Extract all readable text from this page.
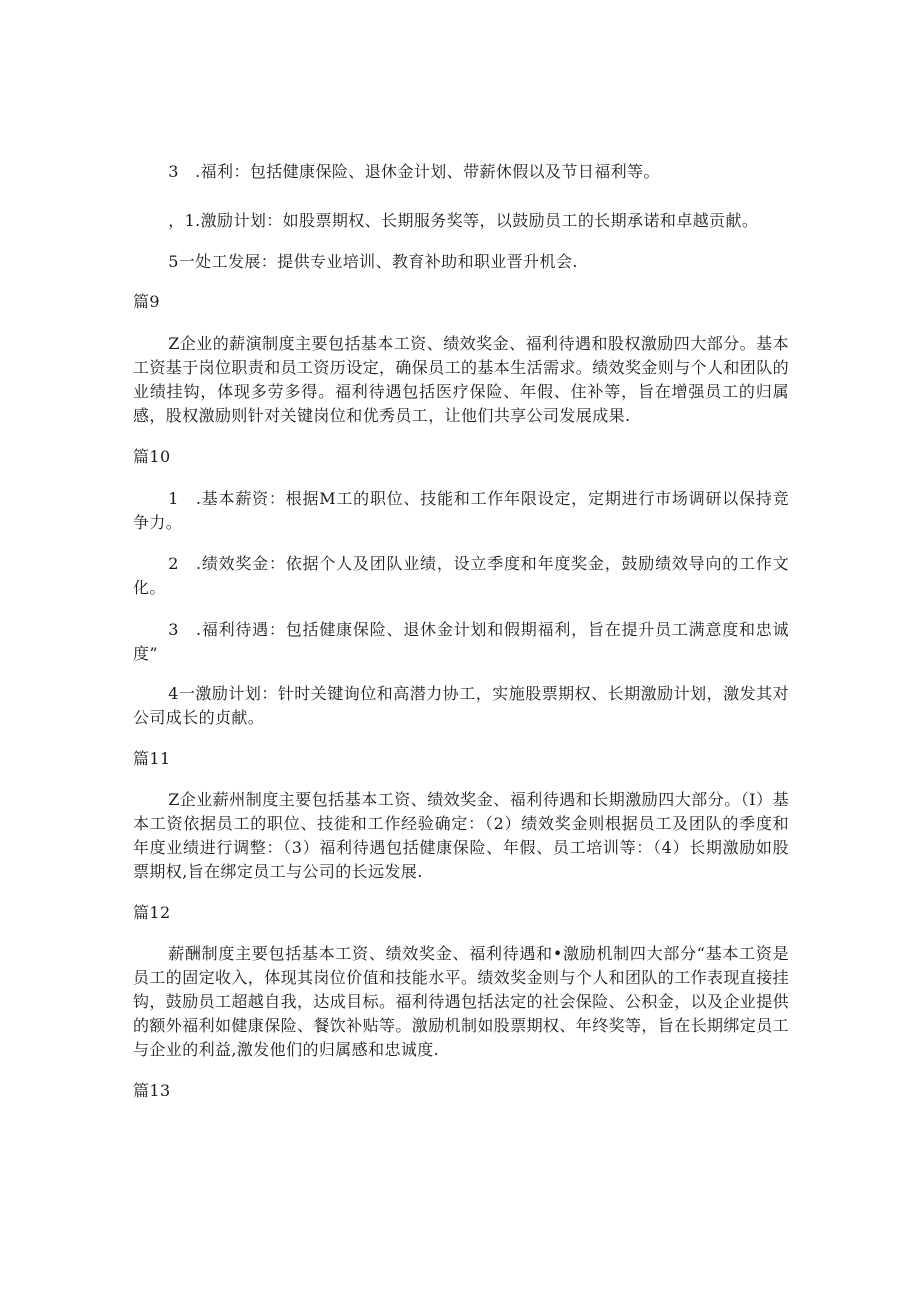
3　.福利：包括健康保险、退休金计划、带薪休假以及节日福利等。

，1.激励计划：如股票期权、长期服务奖等，以鼓励员工的长期承诺和卓越贡献。

5一处工发展：提供专业培训、教育补助和职业晋升机会.

篇9

Z企业的薪演制度主要包括基本工资、绩效奖金、福利待遇和股权激励四大部分。基本工资基于岗位职责和员工资历设定，确保员工的基本生活需求。绩效奖金则与个人和团队的业绩挂钩，体现多劳多得。福利待遇包括医疗保险、年假、住补等，旨在增强员工的归属感，股权激励则针对关键岗位和优秀员工，让他们共享公司发展成果.

篇10

1　.基本薪资：根据M工的职位、技能和工作年限设定，定期进行市场调研以保持竞争力。

2　.绩效奖金：依据个人及团队业绩，设立季度和年度奖金，鼓励绩效导向的工作文化。

3　.福利待遇：包括健康保险、退休金计划和假期福利，旨在提升员工满意度和忠诚度”

4一激励计划：针时关键询位和高潜力协工，实施股票期权、长期激励计划，激发其对公司成长的贞献。

篇11

Z企业薪州制度主要包括基本工资、绩效奖金、福利待遇和长期激励四大部分。（I）基本工资依据员工的职位、技徙和工作经验确定：（2）绩效奖金则根据员工及团队的季度和年度业绩进行调整：（3）福利待遇包括健康保险、年假、员工培训等：（4）长期激励如股票期权,旨在绑定员工与公司的长远发展.

篇12

薪酬制度主要包括基本工资、绩效奖金、福利待遇和•激励机制四大部分“基本工资是员工的固定收入，体现其岗位价值和技能水平。绩效奖金则与个人和团队的工作表现直接挂钩，鼓励员工超越自我，达成目标。福利待遇包括法定的社会保险、公积金，以及企业提供的额外福利如健康保险、餐饮补贴等。激励机制如股票期权、年终奖等，旨在长期绑定员工与企业的利益,激发他们的归属感和忠诚度.

篇13
